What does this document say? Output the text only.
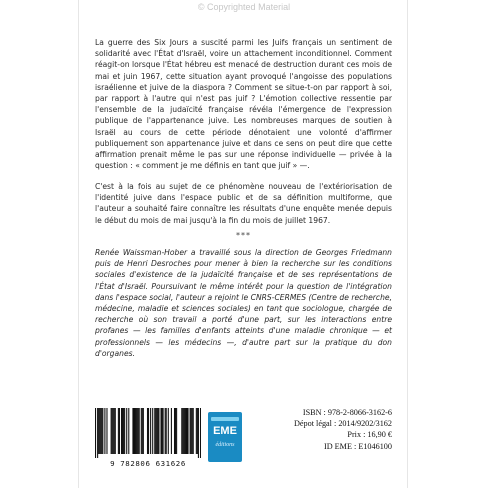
© Copyrighted Material

La guerre des Six Jours a suscité parmi les Juifs français un sentiment de solidarité avec l'État d'Israël, voire un attachement inconditionnel. Comment réagit-on lorsque l'État hébreu est menacé de destruction durant ces mois de mai et juin 1967, cette situation ayant provoqué l'angoisse des populations israélienne et juive de la diaspora ? Comment se situe-t-on par rapport à soi, par rapport à l'autre qui n'est pas juif ? L'émotion collective ressentie par l'ensemble de la judaïcité française révéla l'émergence de l'expression publique de l'appartenance juive. Les nombreuses marques de soutien à Israël au cours de cette période dénotaient une volonté d'affirmer publiquement son appartenance juive et dans ce sens on peut dire que cette affirmation prenait même le pas sur une réponse individuelle — privée à la question : « comment je me définis en tant que juif » —.

C'est à la fois au sujet de ce phénomène nouveau de l'extériorisation de l'identité juive dans l'espace public et de sa définition multiforme, que l'auteur a souhaité faire connaître les résultats d'une enquête menée depuis le début du mois de mai jusqu'à la fin du mois de juillet 1967.

***
Renée Waissman-Hober a travaillé sous la direction de Georges Friedmann puis de Henri Desroches pour mener à bien la recherche sur les conditions sociales d'existence de la judaïcité française et de ses représentations de l'État d'Israël. Poursuivant le même intérêt pour la question de l'intégration dans l'espace social, l'auteur a rejoint le CNRS-CERMES (Centre de recherche, médecine, maladie et sciences sociales) en tant que sociologue, chargée de recherche où son travail a porté d'une part, sur les interactions entre profanes — les familles d'enfants atteints d'une maladie chronique — et professionnels — les médecins —, d'autre part sur la pratique du don d'organes.
9 782806 631626
EME
éditions
ISBN : 978-2-8066-3162-6
Dépot légal : 2014/9202/3162
Prix : 16,90 €
ID EME : E1046100
